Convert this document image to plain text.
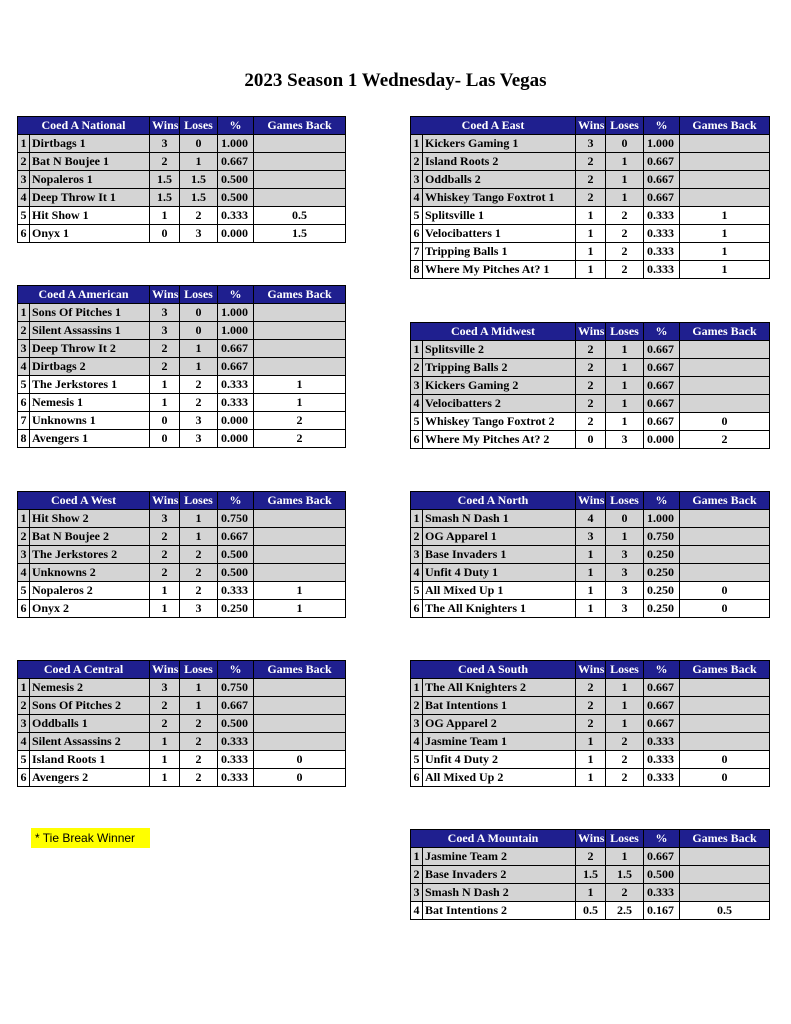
2023 Season 1 Wednesday- Las Vegas
Coed A National		Wins	Loses	%	Games Back
1	Dirtbags 1	3	0	1.000	
2	Bat N Boujee 1	2	1	0.667	
3	Nopaleros 1	1.5	1.5	0.500	
4	Deep Throw It 1	1.5	1.5	0.500	
5	Hit Show 1	1	2	0.333	0.5
6	Onyx 1	0	3	0.000	1.5
Coed A American		Wins	Loses	%	Games Back
1	Sons Of Pitches 1	3	0	1.000	
2	Silent Assassins 1	3	0	1.000	
3	Deep Throw It 2	2	1	0.667	
4	Dirtbags 2	2	1	0.667	
5	The Jerkstores 1	1	2	0.333	1
6	Nemesis 1	1	2	0.333	1
7	Unknowns 1	0	3	0.000	2
8	Avengers 1	0	3	0.000	2
Coed A West		Wins	Loses	%	Games Back
1	Hit Show 2	3	1	0.750	
2	Bat N Boujee 2	2	1	0.667	
3	The Jerkstores 2	2	2	0.500	
4	Unknowns 2	2	2	0.500	
5	Nopaleros 2	1	2	0.333	1
6	Onyx 2	1	3	0.250	1
Coed A Central		Wins	Loses	%	Games Back
1	Nemesis 2	3	1	0.750	
2	Sons Of Pitches 2	2	1	0.667	
3	Oddballs 1	2	2	0.500	
4	Silent Assassins 2	1	2	0.333	
5	Island Roots 1	1	2	0.333	0
6	Avengers 2	1	2	0.333	0
Coed A East		Wins	Loses	%	Games Back
1	Kickers Gaming 1	3	0	1.000	
2	Island Roots 2	2	1	0.667	
3	Oddballs 2	2	1	0.667	
4	Whiskey Tango Foxtrot 1	2	1	0.667	
5	Splitsville 1	1	2	0.333	1
6	Velocibatters 1	1	2	0.333	1
7	Tripping Balls 1	1	2	0.333	1
8	Where My Pitches At? 1	1	2	0.333	1
Coed A Midwest		Wins	Loses	%	Games Back
1	Splitsville 2	2	1	0.667	
2	Tripping Balls 2	2	1	0.667	
3	Kickers Gaming 2	2	1	0.667	
4	Velocibatters 2	2	1	0.667	
5	Whiskey Tango Foxtrot 2	2	1	0.667	0
6	Where My Pitches At? 2	0	3	0.000	2
Coed A North		Wins	Loses	%	Games Back
1	Smash N Dash 1	4	0	1.000	
2	OG Apparel 1	3	1	0.750	
3	Base Invaders 1	1	3	0.250	
4	Unfit 4 Duty 1	1	3	0.250	
5	All Mixed Up 1	1	3	0.250	0
6	The All Knighters 1	1	3	0.250	0
Coed A South		Wins	Loses	%	Games Back
1	The All Knighters 2	2	1	0.667	
2	Bat Intentions 1	2	1	0.667	
3	OG Apparel 2	2	1	0.667	
4	Jasmine Team 1	1	2	0.333	
5	Unfit 4 Duty 2	1	2	0.333	0
6	All Mixed Up 2	1	2	0.333	0
Coed A Mountain		Wins	Loses	%	Games Back
1	Jasmine Team 2	2	1	0.667	
2	Base Invaders 2	1.5	1.5	0.500	
3	Smash N Dash 2	1	2	0.333	
4	Bat Intentions 2	0.5	2.5	0.167	0.5
* Tie Break Winner
